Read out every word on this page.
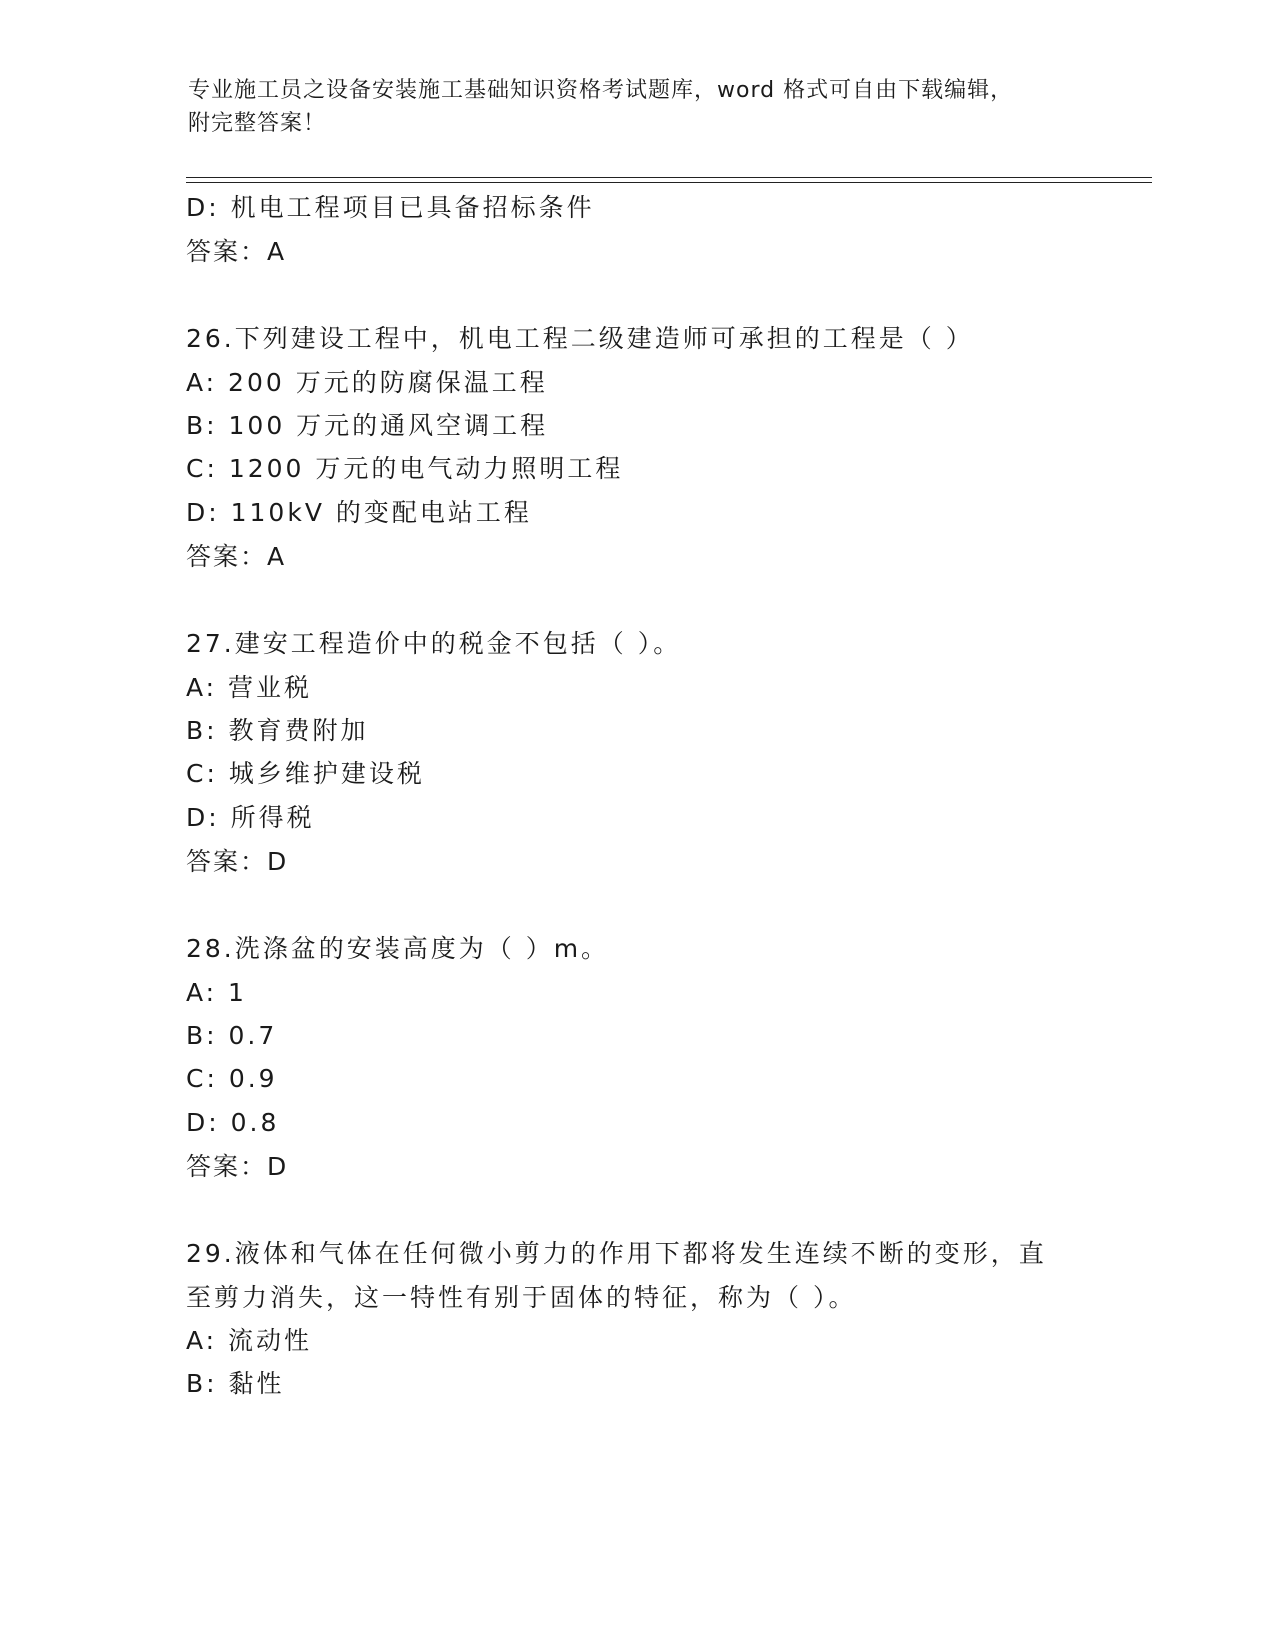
专业施工员之设备安装施工基础知识资格考试题库，word 格式可自由下载编辑，
附完整答案！
D: 机电工程项目已具备招标条件
答案：A
26.下列建设工程中，机电工程二级建造师可承担的工程是（ ）
A: 200 万元的防腐保温工程
B: 100 万元的通风空调工程
C: 1200 万元的电气动力照明工程
D: 110kV 的变配电站工程
答案：A
27.建安工程造价中的税金不包括（ ）。
A: 营业税
B: 教育费附加
C: 城乡维护建设税
D: 所得税
答案：D
28.洗涤盆的安装高度为（ ）m。
A: 1
B: 0.7
C: 0.9
D: 0.8
答案：D
29.液体和气体在任何微小剪力的作用下都将发生连续不断的变形，直
至剪力消失，这一特性有别于固体的特征，称为（ ）。
A: 流动性
B: 黏性
